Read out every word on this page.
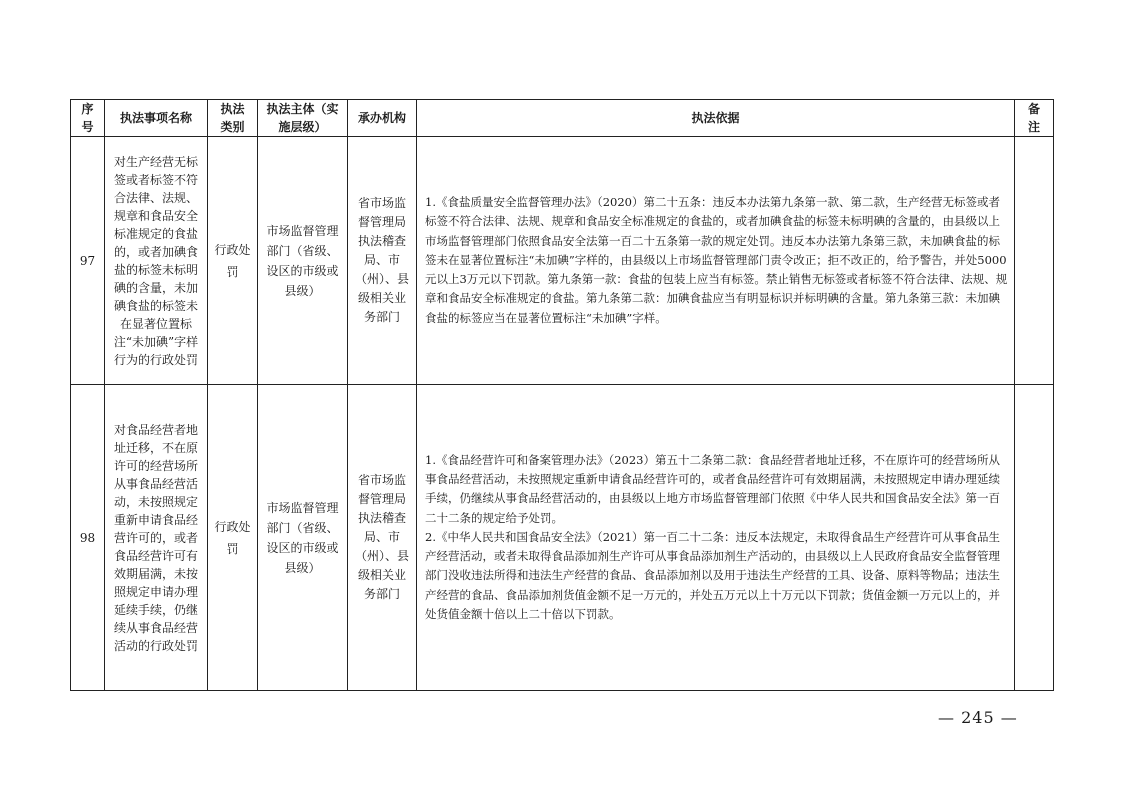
序号	执法事项名称	执法类别	执法主体（实施层级）	承办机构	执法依据	备注

97	对生产经营无标签或者标签不符合法律、法规、规章和食品安全标准规定的食盐的，或者加碘食盐的标签未标明碘的含量，未加碘食盐的标签未在显著位置标注“未加碘”字样行为的行政处罚	行政处罚	市场监督管理部门（省级、设区的市级或县级）	省市场监督管理局执法稽查局、市（州）、县级相关业务部门	1.《食盐质量安全监督管理办法》（2020）第二十五条：违反本办法第九条第一款、第二款，生产经营无标签或者标签不符合法律、法规、规章和食品安全标准规定的食盐的，或者加碘食盐的标签未标明碘的含量的，由县级以上市场监督管理部门依照食品安全法第一百二十五条第一款的规定处罚。违反本办法第九条第三款，未加碘食盐的标签未在显著位置标注“未加碘”字样的，由县级以上市场监督管理部门责令改正；拒不改正的，给予警告，并处5000元以上3万元以下罚款。第九条第一款：食盐的包装上应当有标签。禁止销售无标签或者标签不符合法律、法规、规章和食品安全标准规定的食盐。第九条第二款：加碘食盐应当有明显标识并标明碘的含量。第九条第三款：未加碘食盐的标签应当在显著位置标注“未加碘”字样。	

98	对食品经营者地址迁移，不在原许可的经营场所从事食品经营活动，未按照规定重新申请食品经营许可的，或者食品经营许可有效期届满，未按照规定申请办理延续手续，仍继续从事食品经营活动的行政处罚	行政处罚	市场监督管理部门（省级、设区的市级或县级）	省市场监督管理局执法稽查局、市（州）、县级相关业务部门	1.《食品经营许可和备案管理办法》（2023）第五十二条第二款：食品经营者地址迁移，不在原许可的经营场所从事食品经营活动，未按照规定重新申请食品经营许可的，或者食品经营许可有效期届满，未按照规定申请办理延续手续，仍继续从事食品经营活动的，由县级以上地方市场监督管理部门依照《中华人民共和国食品安全法》第一百二十二条的规定给予处罚。
2.《中华人民共和国食品安全法》（2021）第一百二十二条：违反本法规定，未取得食品生产经营许可从事食品生产经营活动，或者未取得食品添加剂生产许可从事食品添加剂生产活动的，由县级以上人民政府食品安全监督管理部门没收违法所得和违法生产经营的食品、食品添加剂以及用于违法生产经营的工具、设备、原料等物品；违法生产经营的食品、食品添加剂货值金额不足一万元的，并处五万元以上十万元以下罚款；货值金额一万元以上的，并处货值金额十倍以上二十倍以下罚款。	

— 245 —
